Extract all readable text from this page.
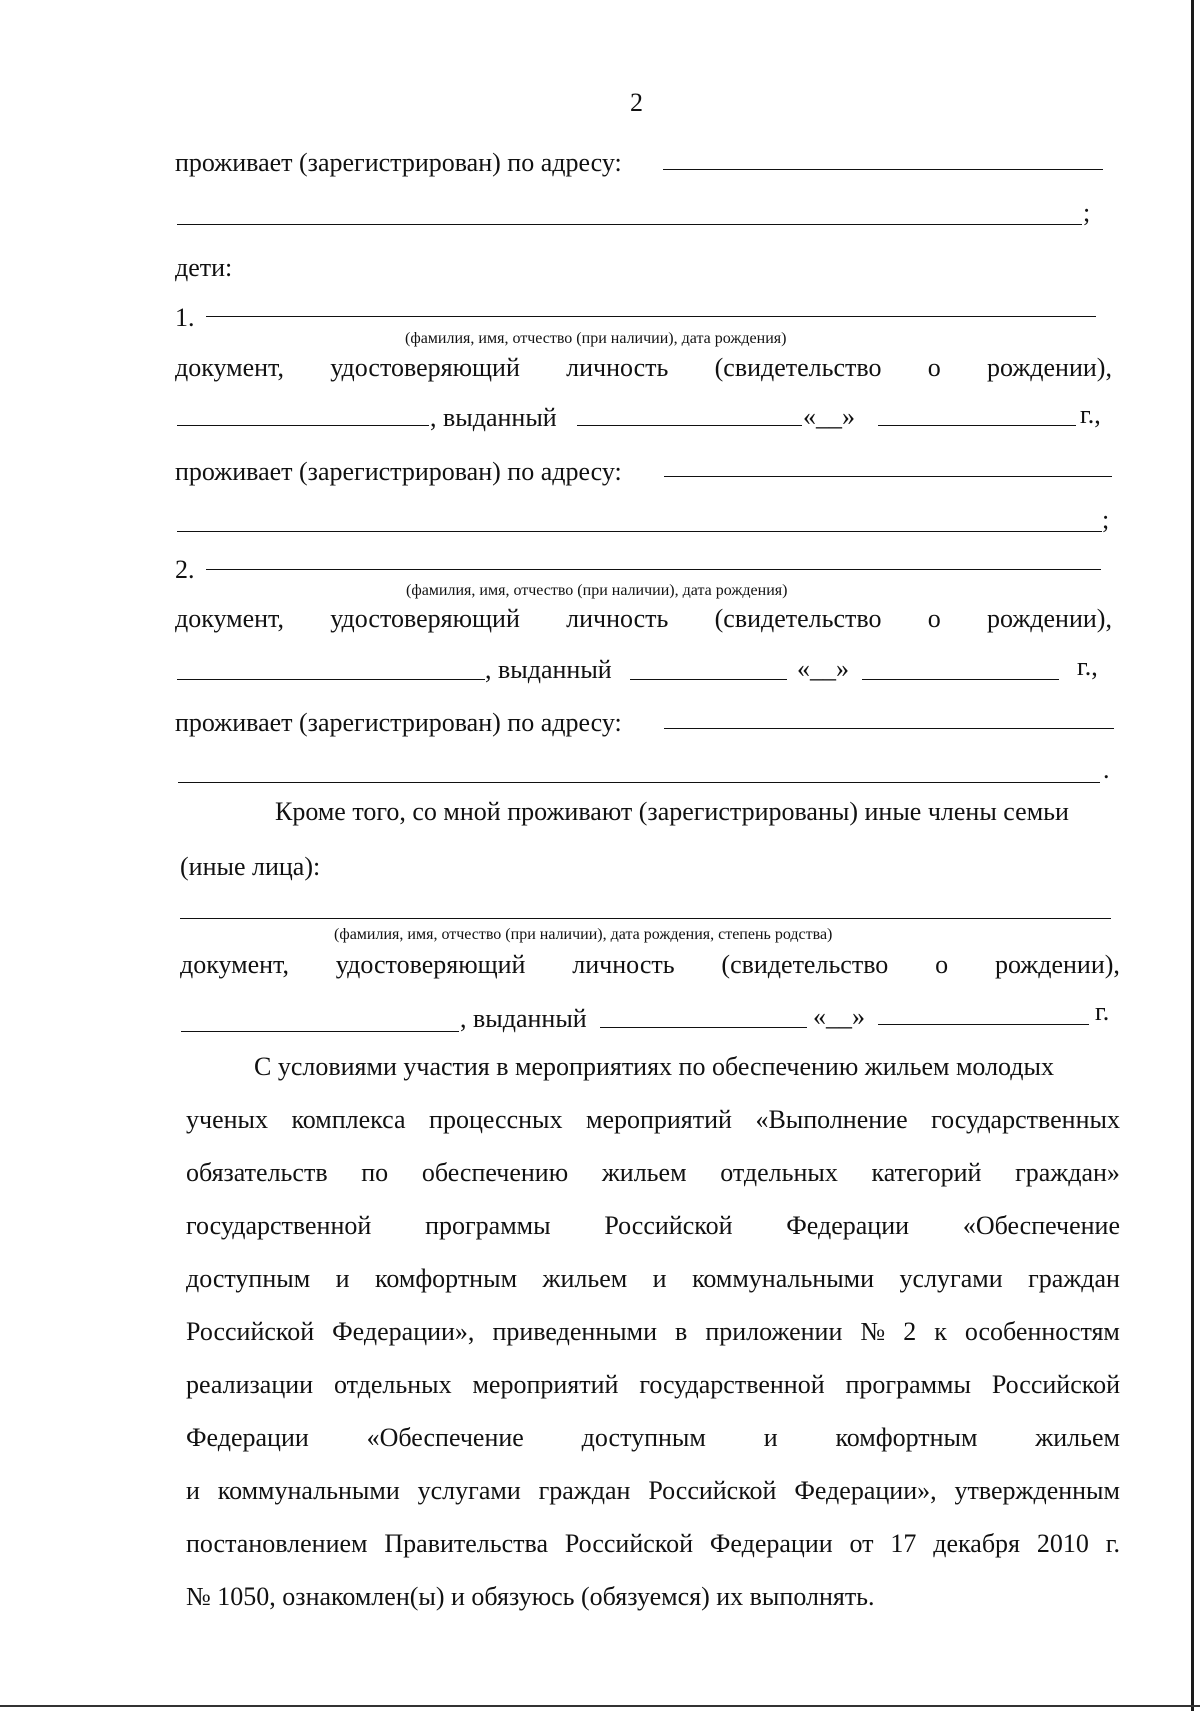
2
проживает (зарегистрирован) по адресу:
;
дети:
1.
(фамилия, имя, отчество (при наличии), дата рождения)
документ, удостоверяющий личность (свидетельство о рождении),
, выданный	«__»	г.,
проживает (зарегистрирован) по адресу:
;
2.
(фамилия, имя, отчество (при наличии), дата рождения)
документ, удостоверяющий личность (свидетельство о рождении),
, выданный	«__»	г.,
проживает (зарегистрирован) по адресу:
.
Кроме того, со мной проживают (зарегистрированы) иные члены семьи
(иные лица):
(фамилия, имя, отчество (при наличии), дата рождения, степень родства)
документ, удостоверяющий личность (свидетельство о рождении),
, выданный	«__»	г.
С условиями участия в мероприятиях по обеспечению жильем молодых
ученых комплекса процессных мероприятий «Выполнение государственных
обязательств по обеспечению жильем отдельных категорий граждан»
государственной программы Российской Федерации «Обеспечение
доступным и комфортным жильем и коммунальными услугами граждан
Российской Федерации», приведенными в приложении № 2 к особенностям
реализации отдельных мероприятий государственной программы Российской
Федерации «Обеспечение доступным и комфортным жильем
и коммунальными услугами граждан Российской Федерации», утвержденным
постановлением Правительства Российской Федерации от 17 декабря 2010 г.
№ 1050, ознакомлен(ы) и обязуюсь (обязуемся) их выполнять.
